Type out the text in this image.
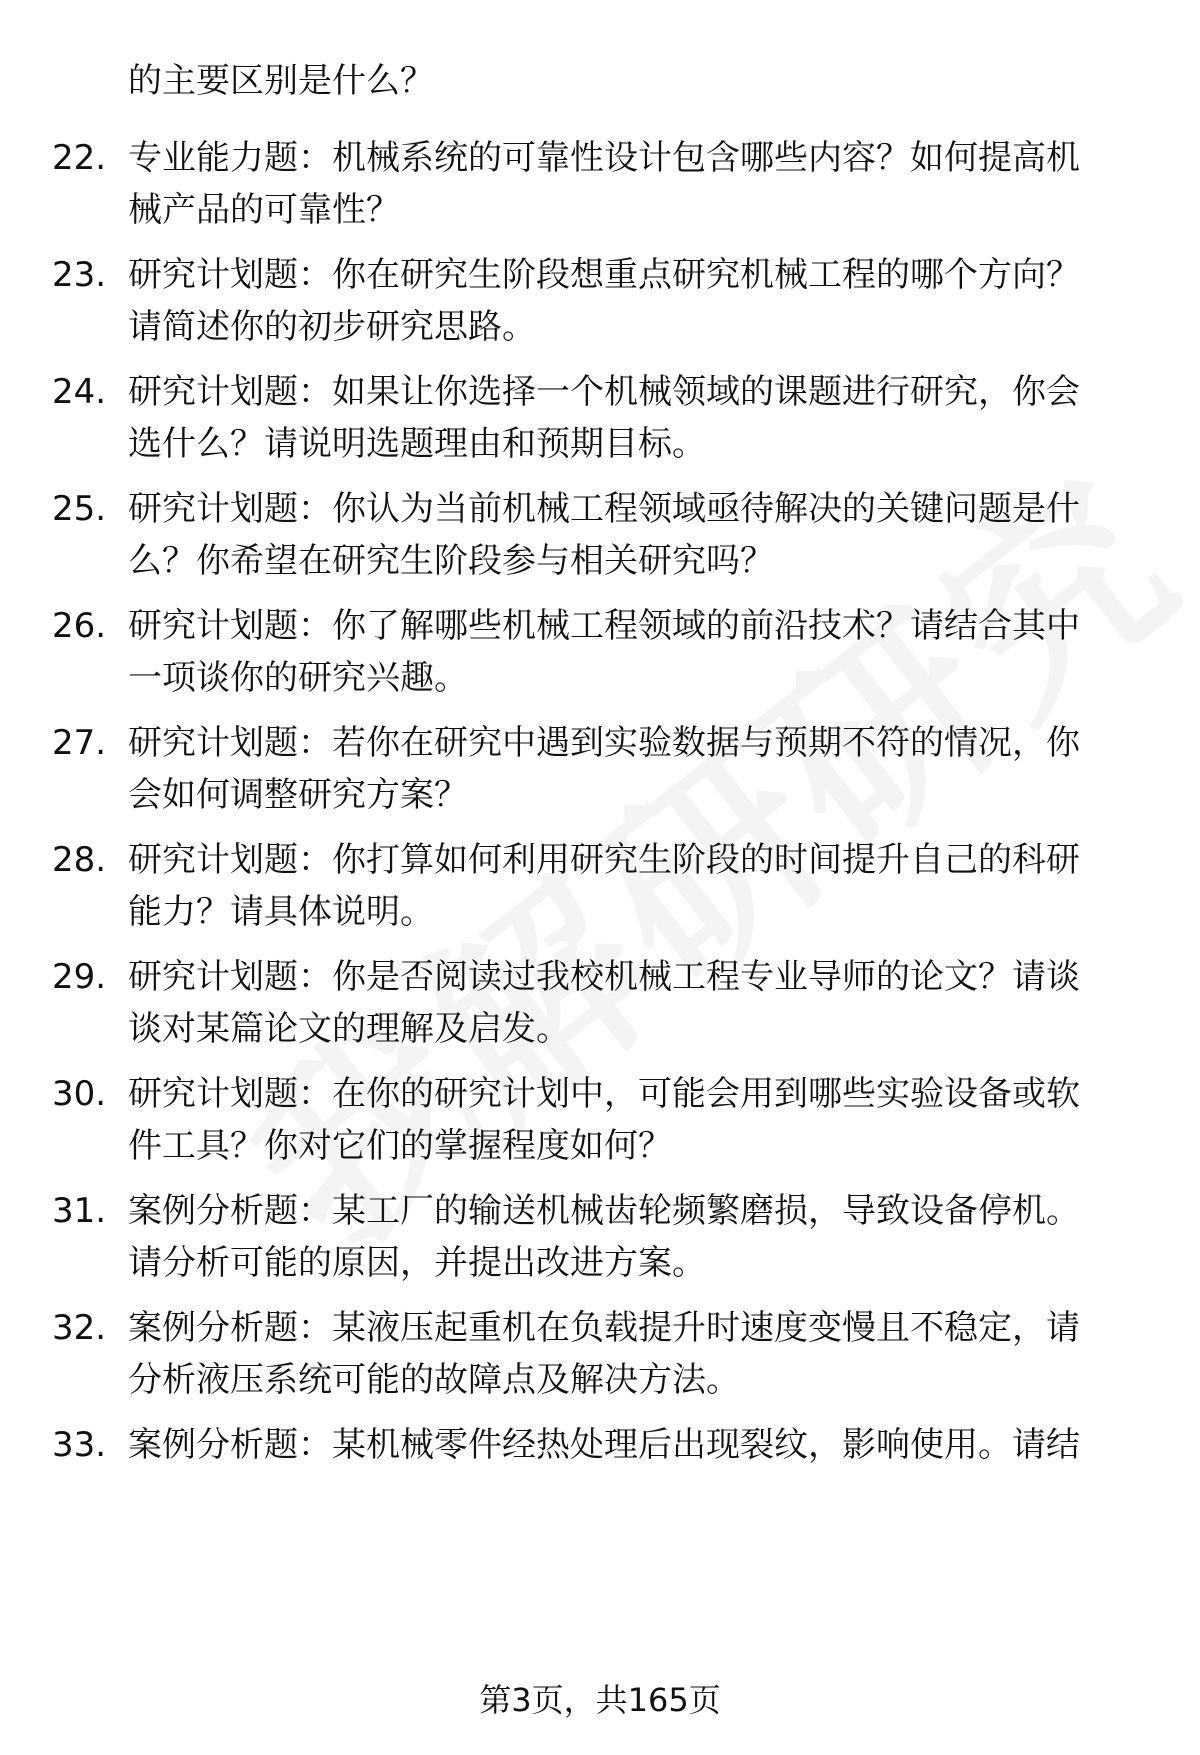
的主要区别是什么？
22. 专业能力题：机械系统的可靠性设计包含哪些内容？如何提高机
械产品的可靠性？
23. 研究计划题：你在研究生阶段想重点研究机械工程的哪个方向？
请简述你的初步研究思路。
24. 研究计划题：如果让你选择一个机械领域的课题进行研究，你会
选什么？请说明选题理由和预期目标。
25. 研究计划题：你认为当前机械工程领域亟待解决的关键问题是什
么？你希望在研究生阶段参与相关研究吗？
26. 研究计划题：你了解哪些机械工程领域的前沿技术？请结合其中
一项谈你的研究兴趣。
27. 研究计划题：若你在研究中遇到实验数据与预期不符的情况，你
会如何调整研究方案？
28. 研究计划题：你打算如何利用研究生阶段的时间提升自己的科研
能力？请具体说明。
29. 研究计划题：你是否阅读过我校机械工程专业导师的论文？请谈
谈对某篇论文的理解及启发。
30. 研究计划题：在你的研究计划中，可能会用到哪些实验设备或软
件工具？你对它们的掌握程度如何？
31. 案例分析题：某工厂的输送机械齿轮频繁磨损，导致设备停机。
请分析可能的原因，并提出改进方案。
32. 案例分析题：某液压起重机在负载提升时速度变慢且不稳定，请
分析液压系统可能的故障点及解决方法。
33. 案例分析题：某机械零件经热处理后出现裂纹，影响使用。请结
第3页，共165页
